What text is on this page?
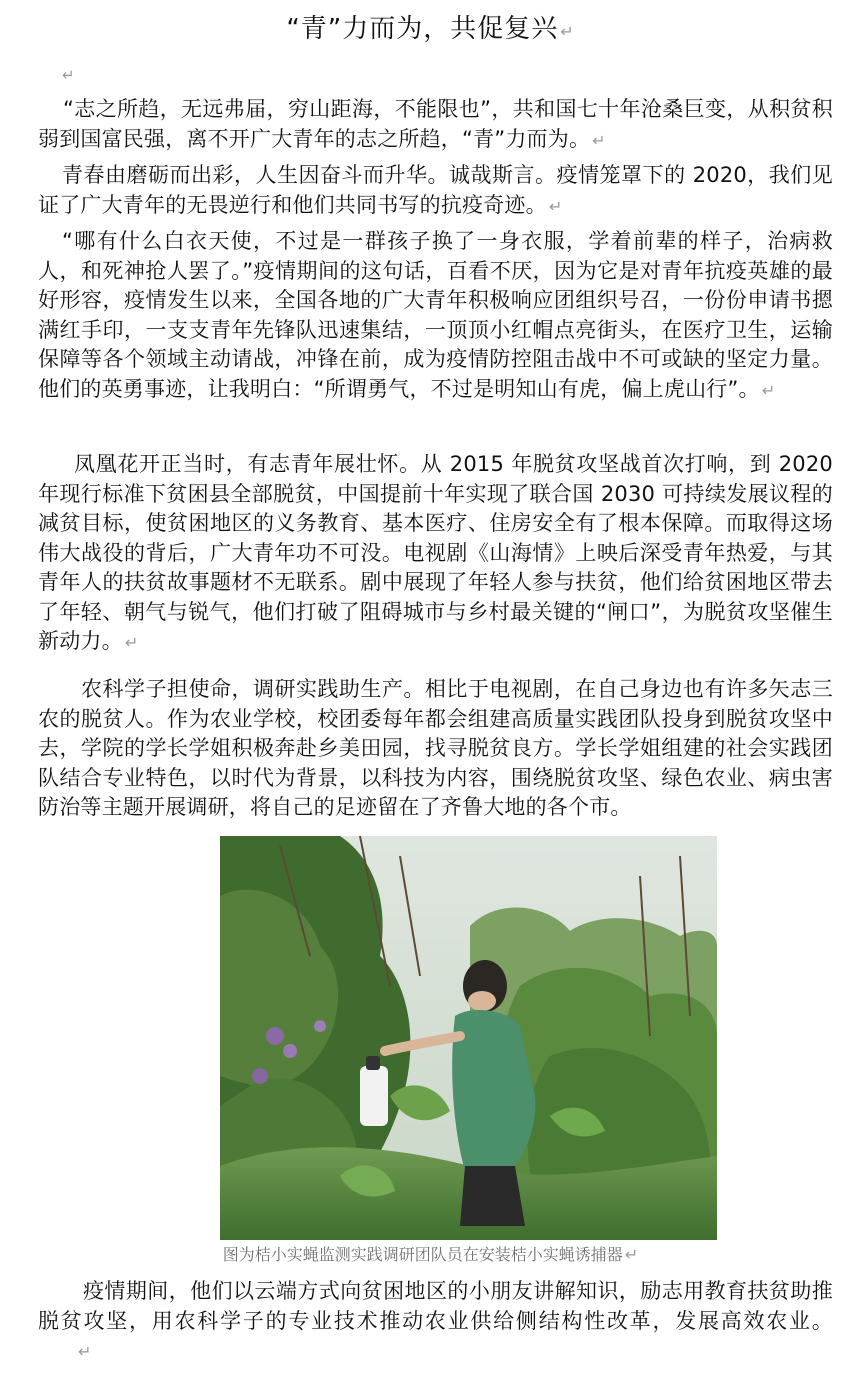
“青”力而为，共促复兴 ↵
↵

“志之所趋，无远弗届，穷山距海，不能限也”，共和国七十年沧桑巨变，从积贫积弱到国富民强，离不开广大青年的志之所趋，“青”力而为。 ↵

青春由磨砺而出彩，人生因奋斗而升华。诚哉斯言。疫情笼罩下的 2020，我们见证了广大青年的无畏逆行和他们共同书写的抗疫奇迹。 ↵

“哪有什么白衣天使，不过是一群孩子换了一身衣服，学着前辈的样子，治病救人，和死神抢人罢了。”疫情期间的这句话，百看不厌，因为它是对青年抗疫英雄的最好形容，疫情发生以来，全国各地的广大青年积极响应团组织号召，一份份申请书摁满红手印，一支支青年先锋队迅速集结，一顶顶小红帽点亮街头，在医疗卫生，运输保障等各个领域主动请战，冲锋在前，成为疫情防控阻击战中不可或缺的坚定力量。他们的英勇事迹，让我明白：“所谓勇气，不过是明知山有虎，偏上虎山行”。 ↵

凤凰花开正当时，有志青年展壮怀。从 2015 年脱贫攻坚战首次打响，到 2020 年现行标准下贫困县全部脱贫，中国提前十年实现了联合国 2030 可持续发展议程的减贫目标，使贫困地区的义务教育、基本医疗、住房安全有了根本保障。而取得这场伟大战役的背后，广大青年功不可没。电视剧《山海情》上映后深受青年热爱，与其青年人的扶贫故事题材不无联系。剧中展现了年轻人参与扶贫，他们给贫困地区带去了年轻、朝气与锐气，他们打破了阻碍城市与乡村最关键的“闸口”，为脱贫攻坚催生新动力。 ↵

农科学子担使命，调研实践助生产。相比于电视剧，在自己身边也有许多矢志三农的脱贫人。作为农业学校，校团委每年都会组建高质量实践团队投身到脱贫攻坚中去，学院的学长学姐积极奔赴乡美田园，找寻脱贫良方。学长学姐组建的社会实践团队结合专业特色，以时代为背景，以科技为内容，围绕脱贫攻坚、绿色农业、病虫害防治等主题开展调研，将自己的足迹留在了齐鲁大地的各个市。

图为桔小实蝇监测实践调研团队员在安装桔小实蝇诱捕器 ↵

疫情期间，他们以云端方式向贫困地区的小朋友讲解知识，励志用教育扶贫助推脱贫攻坚，用农科学子的专业技术推动农业供给侧结构性改革，发展高效农业。↵
